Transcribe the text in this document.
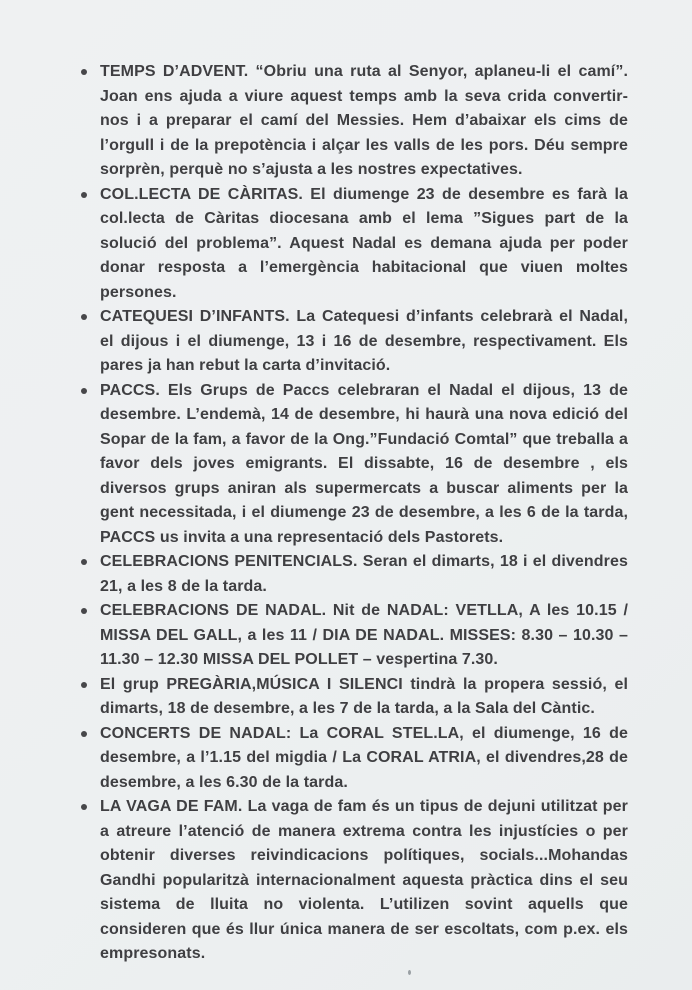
TEMPS D’ADVENT. “Obriu una ruta al Senyor, aplaneu-li el camí”. Joan ens ajuda a viure aquest temps amb la seva crida convertir-nos i a preparar el camí del Messies. Hem d’abaixar els cims de l’orgull i de la prepotència i alçar les valls de les pors. Déu sempre sorprèn, perquè no s’ajusta a les nostres expectatives.
COL.LECTA DE CÀRITAS. El diumenge 23 de desembre es farà la col.lecta de Càritas diocesana amb el lema ”Sigues part de la solució del problema”. Aquest Nadal es demana ajuda per poder donar resposta a l’emergència habitacional que viuen moltes persones.
CATEQUESI D’INFANTS. La Catequesi d’infants celebrarà el Nadal, el dijous i el diumenge, 13 i 16 de desembre, respectivament. Els pares ja han rebut la carta d’invitació.
PACCS. Els Grups de Paccs celebraran el Nadal el dijous, 13 de desembre. L’endemà, 14 de desembre, hi haurà una nova edició del Sopar de la fam, a favor de la Ong.”Fundació Comtal” que treballa a favor dels joves emigrants. El dissabte, 16 de desembre , els diversos grups aniran als supermercats a buscar aliments per la gent necessitada, i el diumenge 23 de desembre, a les 6 de la tarda, PACCS us invita a una representació dels Pastorets.
CELEBRACIONS PENITENCIALS. Seran el dimarts, 18 i el divendres 21, a les 8 de la tarda.
CELEBRACIONS DE NADAL. Nit de NADAL: VETLLA, A les 10.15 / MISSA DEL GALL, a les 11 / DIA DE NADAL. MISSES: 8.30 – 10.30 – 11.30 – 12.30 MISSA DEL POLLET – vespertina 7.30.
El grup PREGÀRIA,MÚSICA I SILENCI tindrà la propera sessió, el dimarts, 18 de desembre, a les 7 de la tarda, a la Sala del Càntic.
CONCERTS DE NADAL: La CORAL STEL.LA, el diumenge, 16 de desembre, a l’1.15 del migdia / La CORAL ATRIA, el divendres,28 de desembre, a les 6.30 de la tarda.
LA VAGA DE FAM. La vaga de fam és un tipus de dejuni utilitzat per a atreure l’atenció de manera extrema contra les injustícies o per obtenir diverses reivindicacions polítiques, socials...Mohandas Gandhi popularitzà internacionalment aquesta pràctica dins el seu sistema de lluita no violenta. L’utilizen sovint aquells que consideren que és llur única manera de ser escoltats, com p.ex. els empresonats.
